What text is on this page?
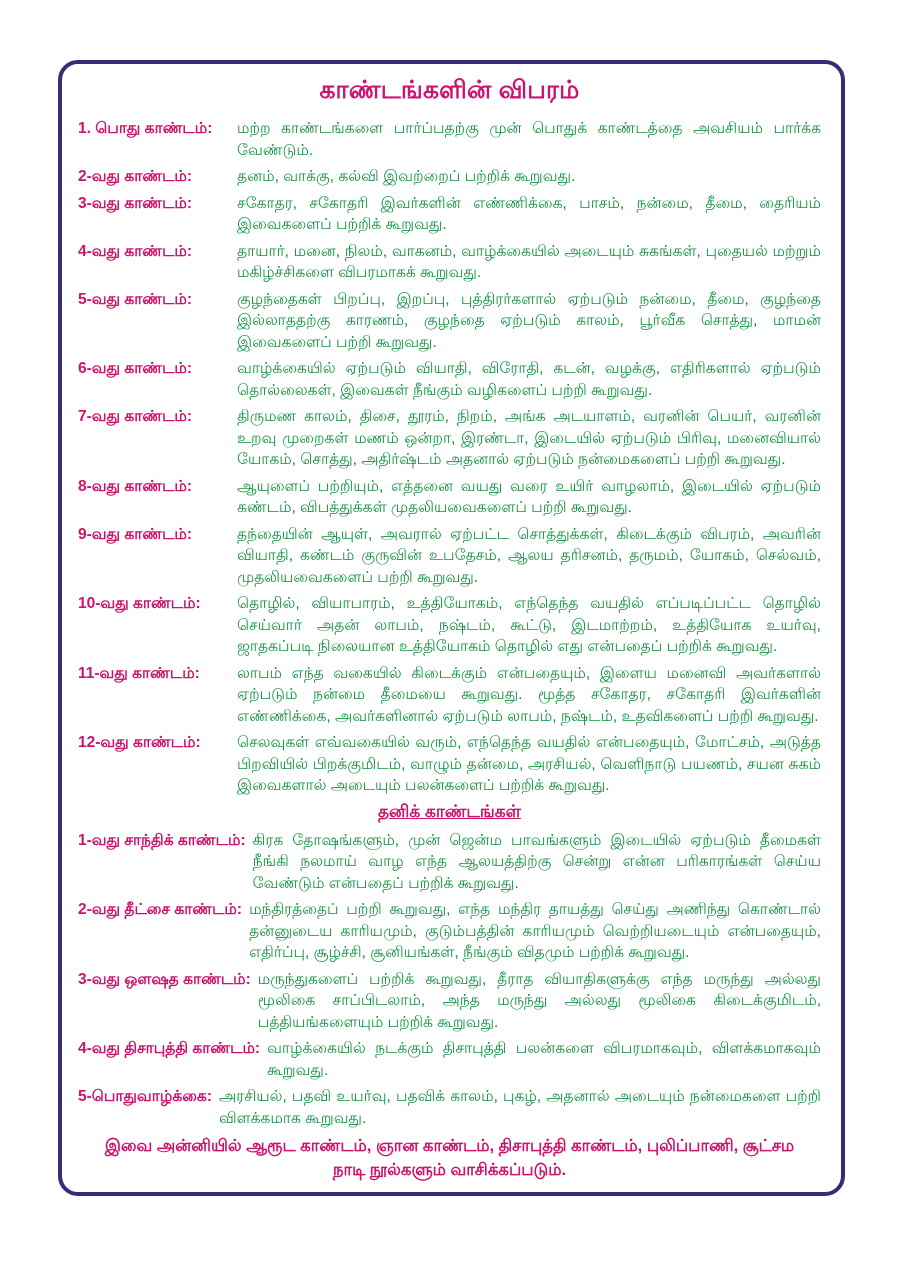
காண்டங்களின் விபரம்
1. பொது காண்டம்:	மற்ற காண்டங்களை பார்ப்பதற்கு முன் பொதுக் காண்டத்தை அவசியம் பார்க்க வேண்டும்.
2-வது காண்டம்:	தனம், வாக்கு, கல்வி இவற்றைப் பற்றிக் கூறுவது.
3-வது காண்டம்:	சகோதர, சகோதரி இவர்களின் எண்ணிக்கை, பாசம், நன்மை, தீமை, தைரியம் இவைகளைப் பற்றிக் கூறுவது.
4-வது காண்டம்:	தாயார், மனை, நிலம், வாகனம், வாழ்க்கையில் அடையும் சுகங்கள், புதையல் மற்றும் மகிழ்ச்சிகளை விபரமாகக் கூறுவது.
5-வது காண்டம்:	குழந்தைகள் பிறப்பு, இறப்பு, புத்திரர்களால் ஏற்படும் நன்மை, தீமை, குழந்தை இல்லாததற்கு காரணம், குழந்தை ஏற்படும் காலம், பூர்வீக சொத்து, மாமன் இவைகளைப் பற்றி கூறுவது.
6-வது காண்டம்:	வாழ்க்கையில் ஏற்படும் வியாதி, விரோதி, கடன், வழக்கு, எதிரிகளால் ஏற்படும் தொல்லைகள், இவைகள் நீங்கும் வழிகளைப் பற்றி கூறுவது.
7-வது காண்டம்:	திருமண காலம், திசை, தூரம், நிறம், அங்க அடயாளம், வரனின் பெயர், வரனின் உறவு முறைகள் மணம் ஒன்றா, இரண்டா, இடையில் ஏற்படும் பிரிவு, மனைவியால் யோகம், சொத்து, அதிர்ஷ்டம் அதனால் ஏற்படும் நன்மைகளைப் பற்றி கூறுவது.
8-வது காண்டம்:	ஆயுளைப் பற்றியும், எத்தனை வயது வரை உயிர் வாழலாம், இடையில் ஏற்படும் கண்டம், விபத்துக்கள் முதலியவைகளைப் பற்றி கூறுவது.
9-வது காண்டம்:	தந்தையின் ஆயுள், அவரால் ஏற்பட்ட சொத்துக்கள், கிடைக்கும் விபரம், அவரின் வியாதி, கண்டம் குருவின் உபதேசம், ஆலய தரிசனம், தருமம், யோகம், செல்வம், முதலியவைகளைப் பற்றி கூறுவது.
10-வது காண்டம்:	தொழில், வியாபாரம், உத்தியோகம், எந்தெந்த வயதில் எப்படிப்பட்ட தொழில் செய்வார் அதன் லாபம், நஷ்டம், கூட்டு, இடமாற்றம், உத்தியோக உயர்வு, ஜாதகப்படி நிலையான உத்தியோகம் தொழில் எது என்பதைப் பற்றிக் கூறுவது.
11-வது காண்டம்:	லாபம் எந்த வகையில் கிடைக்கும் என்பதையும், இளைய மனைவி அவர்களால் ஏற்படும் நன்மை தீமையை கூறுவது. மூத்த சகோதர, சகோதரி இவர்களின் எண்ணிக்கை, அவர்களினால் ஏற்படும் லாபம், நஷ்டம், உதவிகளைப் பற்றி கூறுவது.
12-வது காண்டம்:	செலவுகள் எவ்வகையில் வரும், எந்தெந்த வயதில் என்பதையும், மோட்சம், அடுத்த பிறவியில் பிறக்குமிடம், வாழும் தன்மை, அரசியல், வெளிநாடு பயணம், சயன சுகம் இவைகளால் அடையும் பலன்களைப் பற்றிக் கூறுவது.
தனிக் காண்டங்கள்
1-வது சாந்திக் காண்டம்: கிரக தோஷங்களும், முன் ஜென்ம பாவங்களும் இடையில் ஏற்படும் தீமைகள் நீங்கி நலமாய் வாழ எந்த ஆலயத்திற்கு சென்று என்ன பரிகாரங்கள் செய்ய வேண்டும் என்பதைப் பற்றிக் கூறுவது.
2-வது தீட்சை காண்டம்: மந்திரத்தைப் பற்றி கூறுவது, எந்த மந்திர தாயத்து செய்து அணிந்து கொண்டால் தன்னுடைய காரியமும், குடும்பத்தின் காரியமும் வெற்றியடையும் என்பதையும், எதிர்ப்பு, சூழ்ச்சி, சூனியங்கள், நீங்கும் விதமும் பற்றிக் கூறுவது.
3-வது ஒளஷத காண்டம்: மருந்துகளைப் பற்றிக் கூறுவது, தீராத வியாதிகளுக்கு எந்த மருந்து அல்லது மூலிகை சாப்பிடலாம், அந்த மருந்து அல்லது மூலிகை கிடைக்குமிடம், பத்தியங்களையும் பற்றிக் கூறுவது.
4-வது திசாபுத்தி காண்டம்: வாழ்க்கையில் நடக்கும் திசாபுத்தி பலன்களை விபரமாகவும், விளக்கமாகவும் கூறுவது.
5-பொதுவாழ்க்கை: அரசியல், பதவி உயர்வு, பதவிக் காலம், புகழ், அதனால் அடையும் நன்மைகளை பற்றி விளக்கமாக கூறுவது.
இவை அன்னியில் ஆரூட காண்டம், ஞான காண்டம், திசாபுத்தி காண்டம், புலிப்பாணி, சூட்சம நாடி நூல்களும் வாசிக்கப்படும்.
